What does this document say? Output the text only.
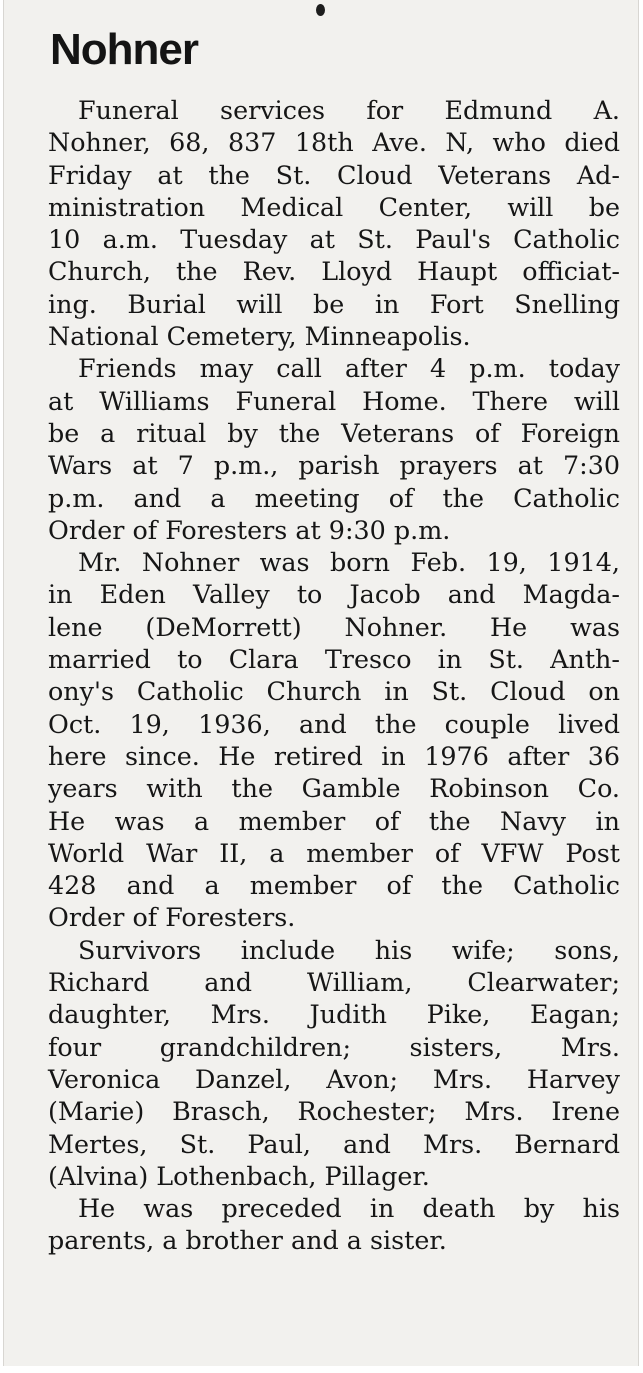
Nohner
Funeral services for Edmund A.
Nohner, 68, 837 18th Ave. N, who died
Friday at the St. Cloud Veterans Ad-
ministration Medical Center, will be
10 a.m. Tuesday at St. Paul's Catholic
Church, the Rev. Lloyd Haupt officiat-
ing. Burial will be in Fort Snelling
National Cemetery, Minneapolis.
Friends may call after 4 p.m. today
at Williams Funeral Home. There will
be a ritual by the Veterans of Foreign
Wars at 7 p.m., parish prayers at 7:30
p.m. and a meeting of the Catholic
Order of Foresters at 9:30 p.m.
Mr. Nohner was born Feb. 19, 1914,
in Eden Valley to Jacob and Magda-
lene (DeMorrett) Nohner. He was
married to Clara Tresco in St. Anth-
ony's Catholic Church in St. Cloud on
Oct. 19, 1936, and the couple lived
here since. He retired in 1976 after 36
years with the Gamble Robinson Co.
He was a member of the Navy in
World War II, a member of VFW Post
428 and a member of the Catholic
Order of Foresters.
Survivors include his wife; sons,
Richard and William, Clearwater;
daughter, Mrs. Judith Pike, Eagan;
four grandchildren; sisters, Mrs.
Veronica Danzel, Avon; Mrs. Harvey
(Marie) Brasch, Rochester; Mrs. Irene
Mertes, St. Paul, and Mrs. Bernard
(Alvina) Lothenbach, Pillager.
He was preceded in death by his
parents, a brother and a sister.
